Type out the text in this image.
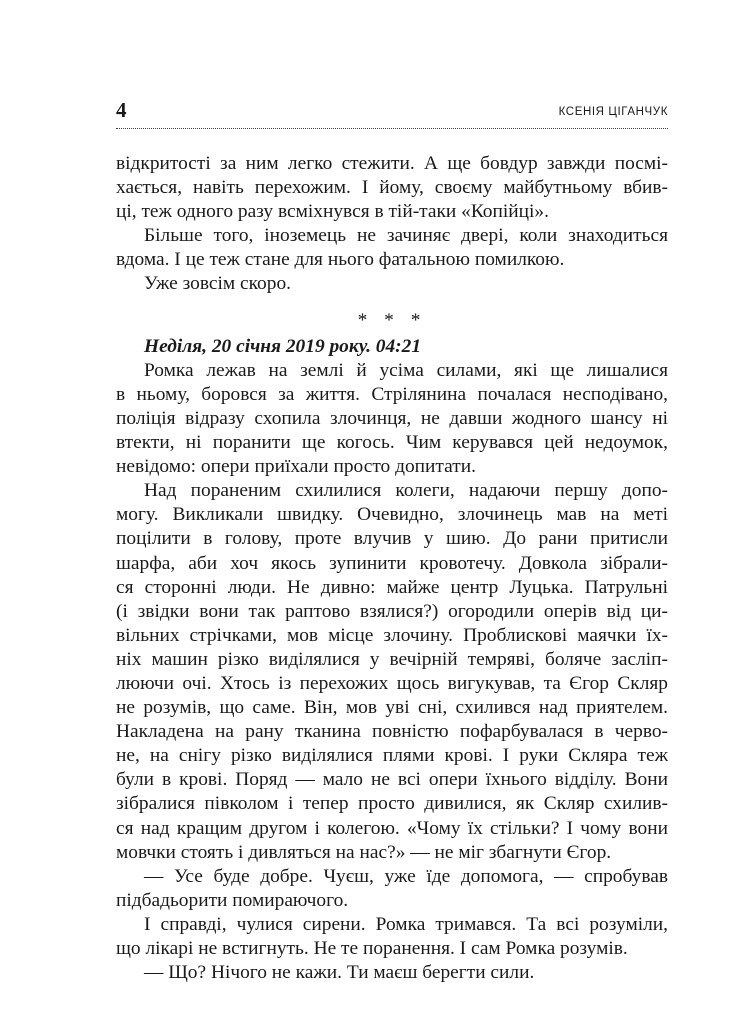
4	КСЕНІЯ ЦІГАНЧУК
відкритості за ним легко стежити. А ще бовдур завжди посмі-
хається, навіть перехожим. І йому, своєму майбутньому вбив-
ці, теж одного разу всміхнувся в тій-таки «Копійці».
Більше того, іноземець не зачиняє двері, коли знаходиться
вдома. І це теж стане для нього фатальною помилкою.
Уже зовсім скоро.
* * *
Неділя, 20 січня 2019 року. 04:21
Ромка лежав на землі й усіма силами, які ще лишалися
в ньому, боровся за життя. Стрілянина почалася несподівано,
поліція відразу схопила злочинця, не давши жодного шансу ні
втекти, ні поранити ще когось. Чим керувався цей недоумок,
невідомо: опери приїхали просто допитати.
Над пораненим схилилися колеги, надаючи першу допо-
могу. Викликали швидку. Очевидно, злочинець мав на меті
поцілити в голову, проте влучив у шию. До рани притисли
шарфа, аби хоч якось зупинити кровотечу. Довкола зібрали-
ся сторонні люди. Не дивно: майже центр Луцька. Патрульні
(і звідки вони так раптово взялися?) огородили оперів від ци-
вільних стрічками, мов місце злочину. Проблискові маячки їх-
ніх машин різко виділялися у вечірній темряві, боляче засліп-
люючи очі. Хтось із перехожих щось вигукував, та Єгор Скляр
не розумів, що саме. Він, мов уві сні, схилився над приятелем.
Накладена на рану тканина повністю пофарбувалася в черво-
не, на снігу різко виділялися плями крові. І руки Скляра теж
були в крові. Поряд — мало не всі опери їхнього відділу. Вони
зібралися півколом і тепер просто дивилися, як Скляр схилив-
ся над кращим другом і колегою. «Чому їх стільки? І чому вони
мовчки стоять і дивляться на нас?» — не міг збагнути Єгор.
— Усе буде добре. Чуєш, уже їде допомога, — спробував
підбадьорити помираючого.
І справді, чулися сирени. Ромка тримався. Та всі розуміли,
що лікарі не встигнуть. Не те поранення. І сам Ромка розумів.
— Що? Нічого не кажи. Ти маєш берегти сили.
